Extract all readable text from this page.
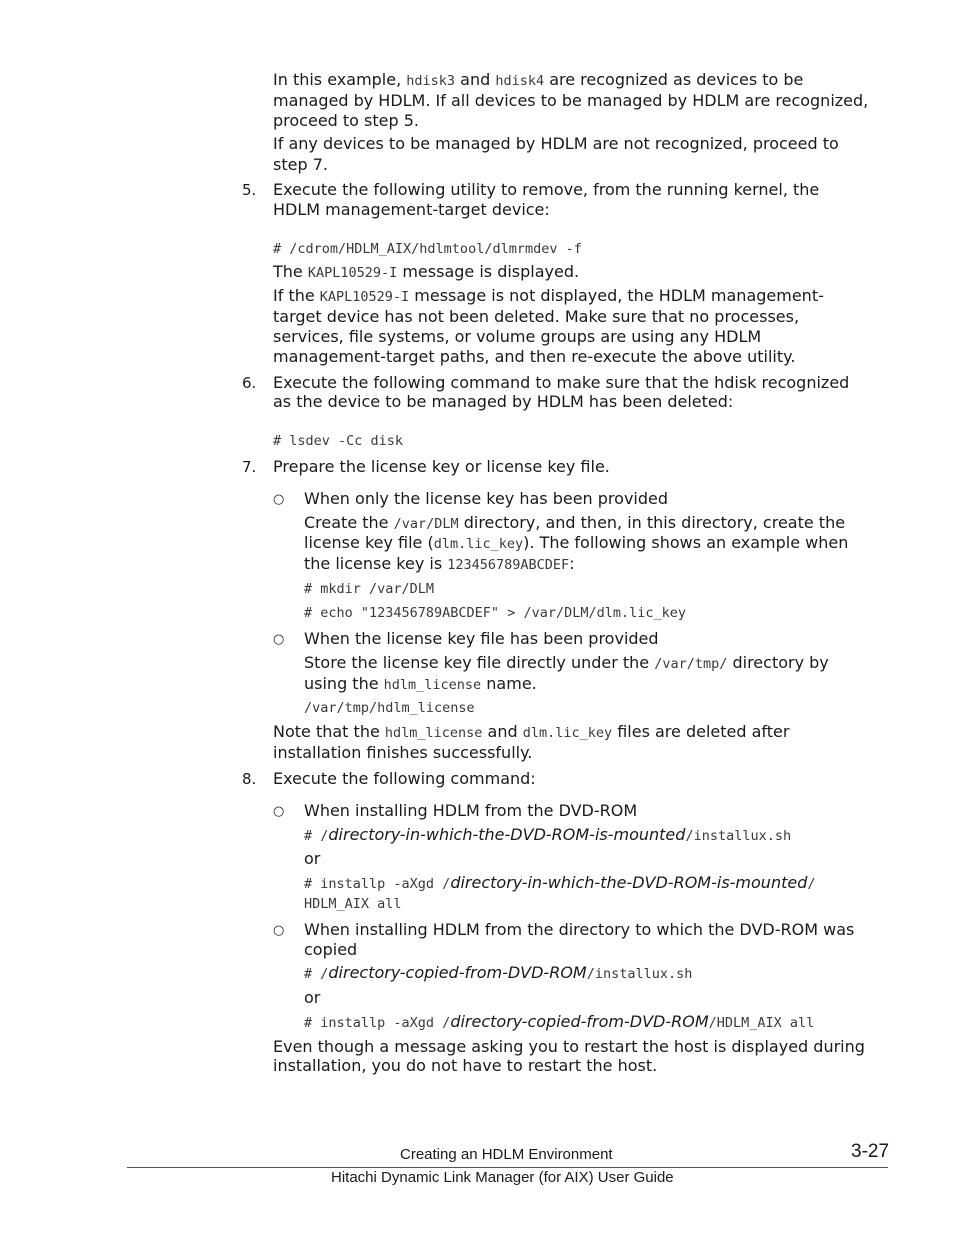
In this example, hdisk3 and hdisk4 are recognized as devices to be
managed by HDLM. If all devices to be managed by HDLM are recognized,
proceed to step 5.
If any devices to be managed by HDLM are not recognized, proceed to
step 7.
5. Execute the following utility to remove, from the running kernel, the
HDLM management-target device:
# /cdrom/HDLM_AIX/hdlmtool/dlmrmdev -f
The KAPL10529-I message is displayed.
If the KAPL10529-I message is not displayed, the HDLM management-
target device has not been deleted. Make sure that no processes,
services, file systems, or volume groups are using any HDLM
management-target paths, and then re-execute the above utility.
6. Execute the following command to make sure that the hdisk recognized
as the device to be managed by HDLM has been deleted:
# lsdev -Cc disk
7. Prepare the license key or license key file.
○ When only the license key has been provided
Create the /var/DLM directory, and then, in this directory, create the
license key file (dlm.lic_key). The following shows an example when
the license key is 123456789ABCDEF:
# mkdir /var/DLM
# echo "123456789ABCDEF" > /var/DLM/dlm.lic_key
○ When the license key file has been provided
Store the license key file directly under the /var/tmp/ directory by
using the hdlm_license name.
/var/tmp/hdlm_license
Note that the hdlm_license and dlm.lic_key files are deleted after
installation finishes successfully.
8. Execute the following command:
○ When installing HDLM from the DVD-ROM
# /directory-in-which-the-DVD-ROM-is-mounted/installux.sh
or
# installp -aXgd /directory-in-which-the-DVD-ROM-is-mounted/
HDLM_AIX all
○ When installing HDLM from the directory to which the DVD-ROM was
copied
# /directory-copied-from-DVD-ROM/installux.sh
or
# installp -aXgd /directory-copied-from-DVD-ROM/HDLM_AIX all
Even though a message asking you to restart the host is displayed during
installation, you do not have to restart the host.
Creating an HDLM Environment	3-27
Hitachi Dynamic Link Manager (for AIX) User Guide
